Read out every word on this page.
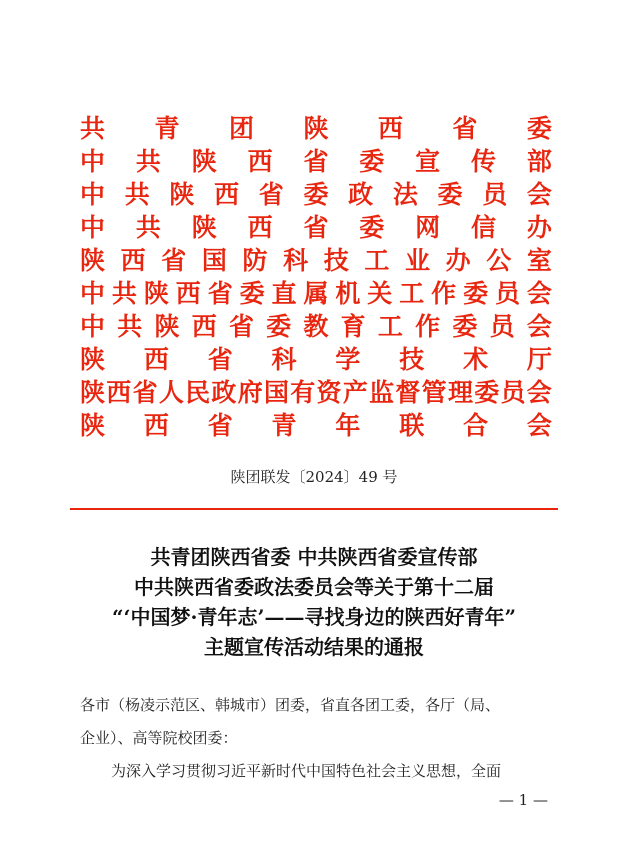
共 青 团 陕 西 省 委
中 共 陕 西 省 委 宣 传 部
中 共 陕 西 省 委 政 法 委 员 会
中 共 陕 西 省 委 网 信 办
陕 西 省 国 防 科 技 工 业 办 公 室
中 共 陕 西 省 委 直 属 机 关 工 作 委 员 会
中 共 陕 西 省 委 教 育 工 作 委 员 会
陕 西 省 科 学 技 术 厅
陕 西 省 人 民 政 府 国 有 资 产 监 督 管 理 委 员 会
陕 西 省 青 年 联 合 会
陕团联发〔2024〕49 号
共青团陕西省委 中共陕西省委宣传部
中共陕西省委政法委员会等关于第十二届
“‘中国梦·青年志’——寻找身边的陕西好青年”
主题宣传活动结果的通报
各市（杨凌示范区、韩城市）团委，省直各团工委，各厅（局、
企业）、高等院校团委：
为深入学习贯彻习近平新时代中国特色社会主义思想，全面
— 1 —
